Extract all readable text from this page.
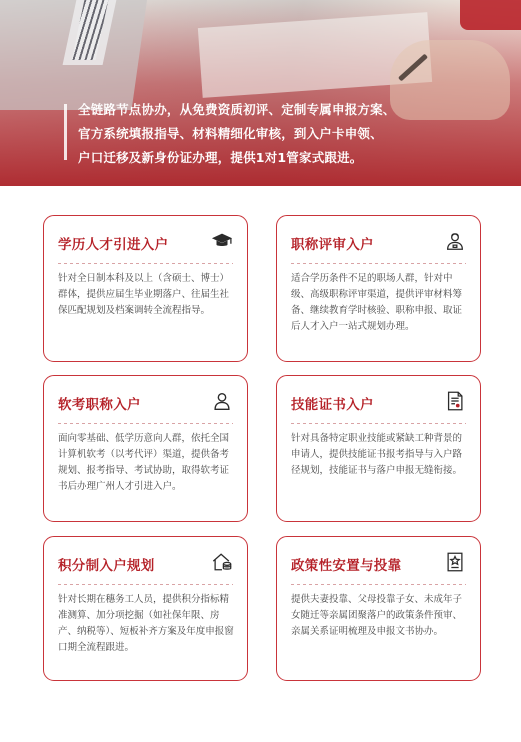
全链路节点协办，从免费资质初评、定制专属申报方案、
官方系统填报指导、材料精细化审核，到入户卡申领、
户口迁移及新身份证办理，提供1对1管家式跟进。
学历人才引进入户
针对全日制本科及以上（含硕士、博士）群体，提供应届生毕业期落户、往届生社保匹配规划及档案调转全流程指导。
职称评审入户
适合学历条件不足的职场人群，针对中级、高级职称评审渠道，提供评审材料筹备、继续教育学时核验、职称申报、取证后人才入户一站式规划办理。
软考职称入户
面向零基础、低学历意向人群，依托全国计算机软考（以考代评）渠道，提供备考规划、报考指导、考试协助，取得软考证书后办理广州人才引进入户。
技能证书入户
针对具备特定职业技能或紧缺工种背景的申请人，提供技能证书报考指导与入户路径规划，技能证书与落户申报无缝衔接。
积分制入户规划
针对长期在穗务工人员，提供积分指标精准测算、加分项挖掘（如社保年限、房产、纳税等）、短板补齐方案及年度申报窗口期全流程跟进。
政策性安置与投靠
提供夫妻投靠、父母投靠子女、未成年子女随迁等亲属团聚落户的政策条件预审、亲属关系证明梳理及申报文书协办。
